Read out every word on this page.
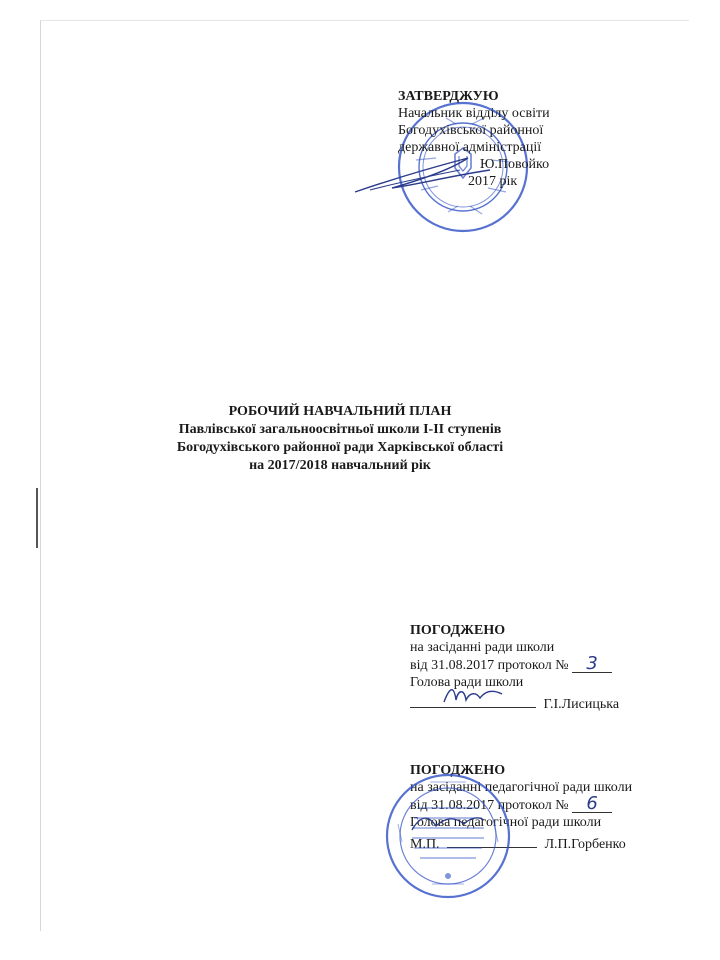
ЗАТВЕРДЖУЮ
Начальник відділу освіти
Богодухівської районної
державної адміністрації
Ю.Повойко
2017 рік
РОБОЧИЙ НАВЧАЛЬНИЙ ПЛАН
Павлівської загальноосвітньої школи І-ІІ ступенів
Богодухівського районної ради Харківської області
на 2017/2018 навчальний рік
ПОГОДЖЕНО
на засіданні ради школи
від 31.08.2017 протокол № 3
Голова ради школи
Г.І.Лисицька
ПОГОДЖЕНО
на засіданні педагогічної ради школи
від 31.08.2017 протокол № 6
Голова педагогічної ради школи
М.П.	Л.П.Горбенко
